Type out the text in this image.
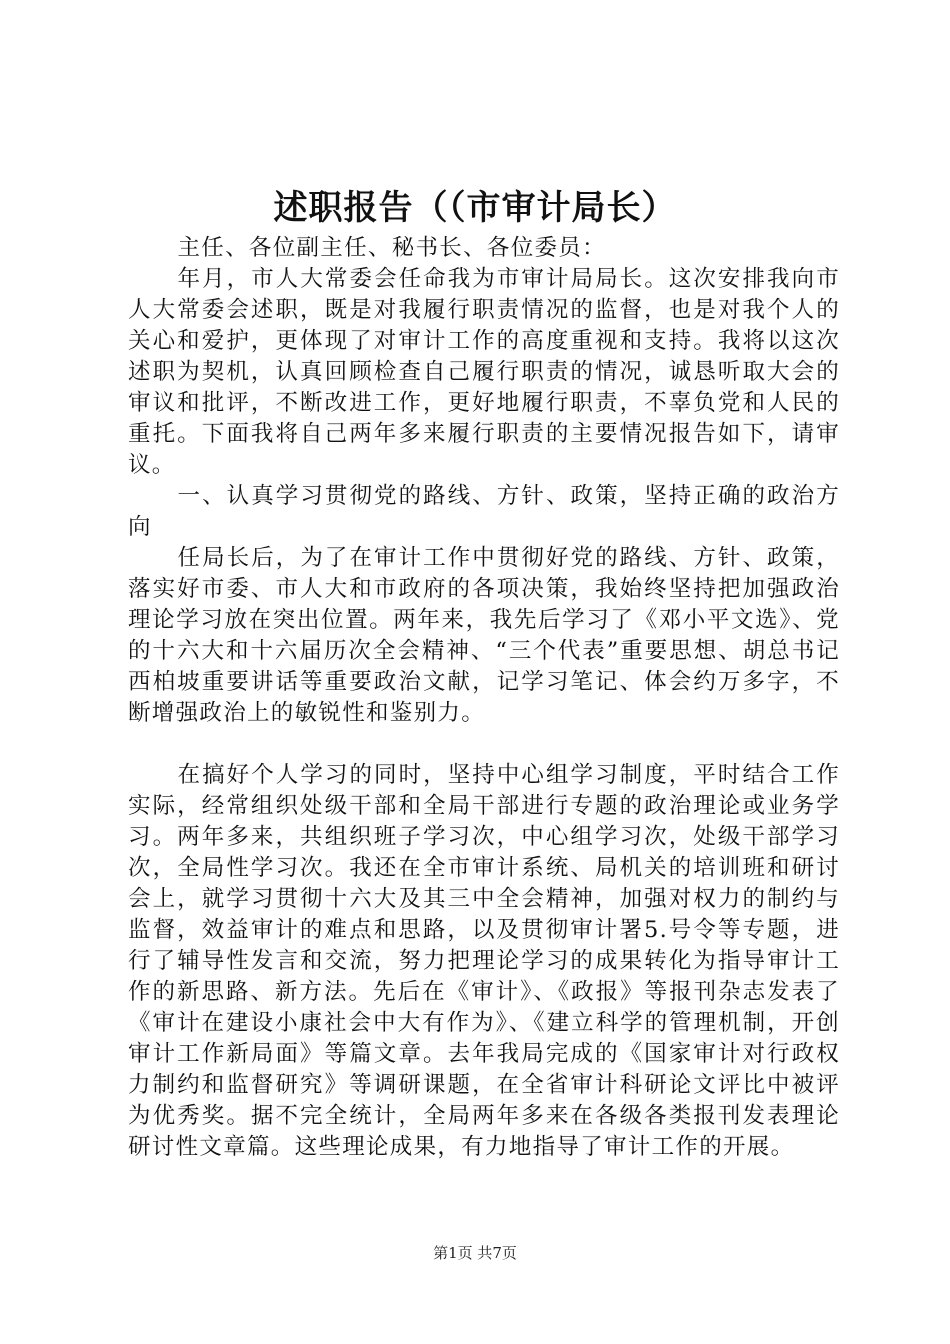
述职报告（（市审计局长）

主任、各位副主任、秘书长、各位委员：

年月，市人大常委会任命我为市审计局局长。这次安排我向市人大常委会述职，既是对我履行职责情况的监督，也是对我个人的关心和爱护，更体现了对审计工作的高度重视和支持。我将以这次述职为契机，认真回顾检查自己履行职责的情况，诚恳听取大会的审议和批评，不断改进工作，更好地履行职责，不辜负党和人民的重托。下面我将自己两年多来履行职责的主要情况报告如下，请审议。

一、认真学习贯彻党的路线、方针、政策，坚持正确的政治方向

任局长后，为了在审计工作中贯彻好党的路线、方针、政策，落实好市委、市人大和市政府的各项决策，我始终坚持把加强政治理论学习放在突出位置。两年来，我先后学习了《邓小平文选》、党的十六大和十六届历次全会精神、“三个代表”重要思想、胡总书记西柏坡重要讲话等重要政治文献，记学习笔记、体会约万多字，不断增强政治上的敏锐性和鉴别力。

在搞好个人学习的同时，坚持中心组学习制度，平时结合工作实际，经常组织处级干部和全局干部进行专题的政治理论或业务学习。两年多来，共组织班子学习次，中心组学习次，处级干部学习次，全局性学习次。我还在全市审计系统、局机关的培训班和研讨会上，就学习贯彻十六大及其三中全会精神，加强对权力的制约与监督，效益审计的难点和思路，以及贯彻审计署5.号令等专题，进行了辅导性发言和交流，努力把理论学习的成果转化为指导审计工作的新思路、新方法。先后在《审计》、《政报》等报刊杂志发表了《审计在建设小康社会中大有作为》、《建立科学的管理机制，开创审计工作新局面》等篇文章。去年我局完成的《国家审计对行政权力制约和监督研究》等调研课题，在全省审计科研论文评比中被评为优秀奖。据不完全统计，全局两年多来在各级各类报刊发表理论研讨性文章篇。这些理论成果，有力地指导了审计工作的开展。

第1页 共7页
